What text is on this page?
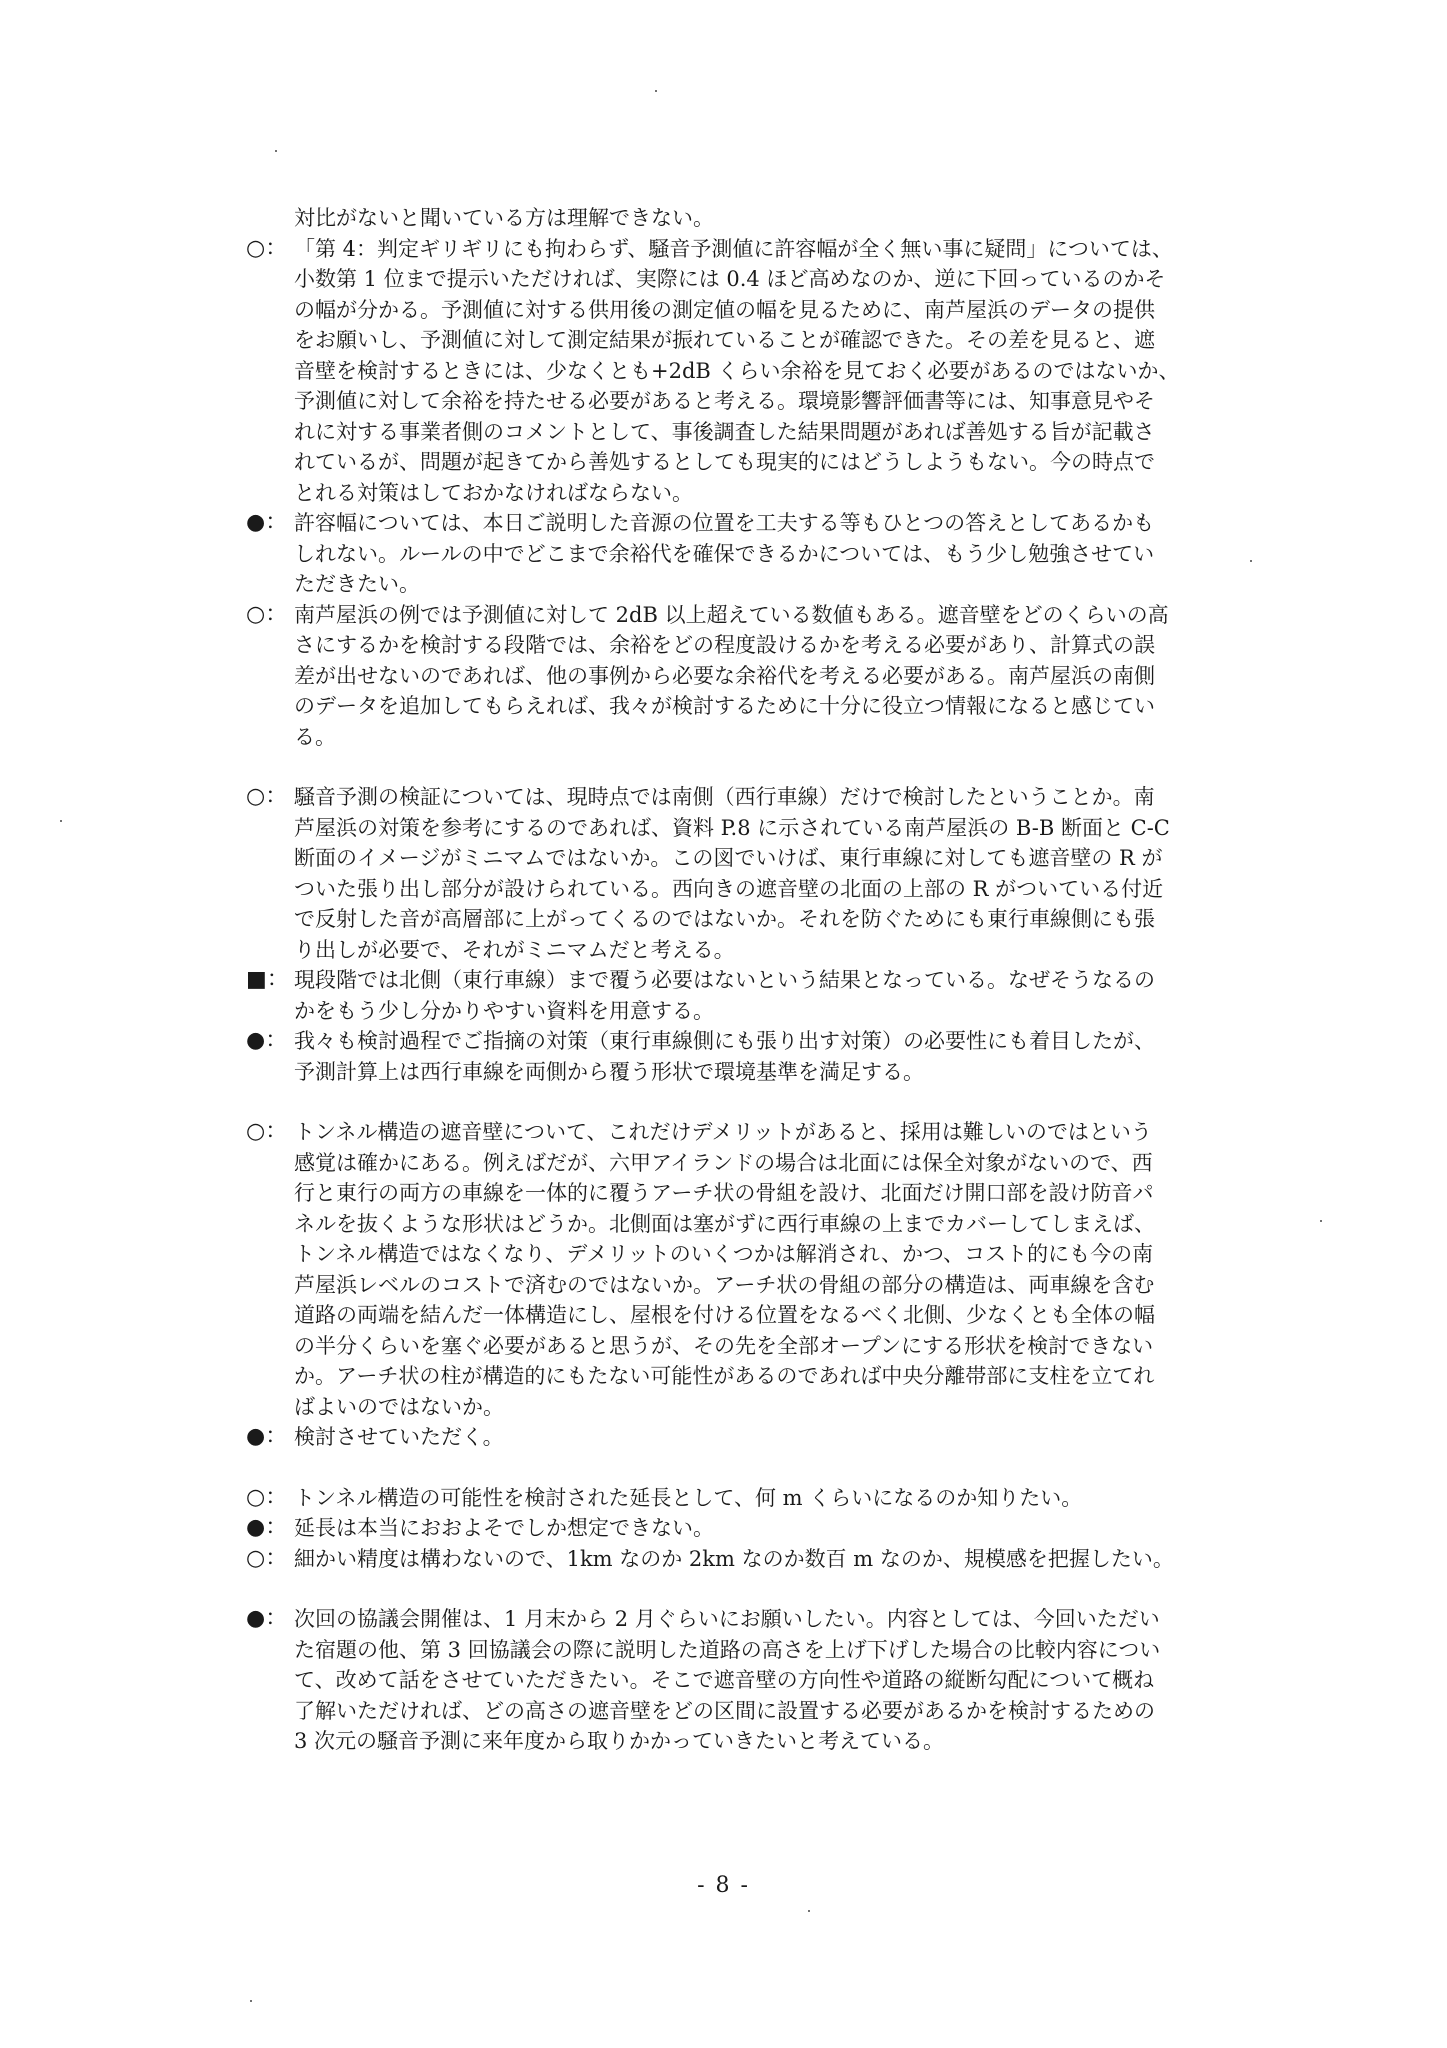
対比がないと聞いている方は理解できない。

○： 「第 4：判定ギリギリにも拘わらず、騒音予測値に許容幅が全く無い事に疑問」については、
小数第 1 位まで提示いただければ、実際には 0.4 ほど高めなのか、逆に下回っているのかそ
の幅が分かる。予測値に対する供用後の測定値の幅を見るために、南芦屋浜のデータの提供
をお願いし、予測値に対して測定結果が振れていることが確認できた。その差を見ると、遮
音壁を検討するときには、少なくとも+2dB くらい余裕を見ておく必要があるのではないか、
予測値に対して余裕を持たせる必要があると考える。環境影響評価書等には、知事意見やそ
れに対する事業者側のコメントとして、事後調査した結果問題があれば善処する旨が記載さ
れているが、問題が起きてから善処するとしても現実的にはどうしようもない。今の時点で
とれる対策はしておかなければならない。
●： 許容幅については、本日ご説明した音源の位置を工夫する等もひとつの答えとしてあるかも
しれない。ルールの中でどこまで余裕代を確保できるかについては、もう少し勉強させてい
ただきたい。
○： 南芦屋浜の例では予測値に対して 2dB 以上超えている数値もある。遮音壁をどのくらいの高
さにするかを検討する段階では、余裕をどの程度設けるかを考える必要があり、計算式の誤
差が出せないのであれば、他の事例から必要な余裕代を考える必要がある。南芦屋浜の南側
のデータを追加してもらえれば、我々が検討するために十分に役立つ情報になると感じてい
る。
○： 騒音予測の検証については、現時点では南側（西行車線）だけで検討したということか。南
芦屋浜の対策を参考にするのであれば、資料 P.8 に示されている南芦屋浜の B-B 断面と C-C
断面のイメージがミニマムではないか。この図でいけば、東行車線に対しても遮音壁の R が
ついた張り出し部分が設けられている。西向きの遮音壁の北面の上部の R がついている付近
で反射した音が高層部に上がってくるのではないか。それを防ぐためにも東行車線側にも張
り出しが必要で、それがミニマムだと考える。
■： 現段階では北側（東行車線）まで覆う必要はないという結果となっている。なぜそうなるの
かをもう少し分かりやすい資料を用意する。
●： 我々も検討過程でご指摘の対策（東行車線側にも張り出す対策）の必要性にも着目したが、
予測計算上は西行車線を両側から覆う形状で環境基準を満足する。
○： トンネル構造の遮音壁について、これだけデメリットがあると、採用は難しいのではという
感覚は確かにある。例えばだが、六甲アイランドの場合は北面には保全対象がないので、西
行と東行の両方の車線を一体的に覆うアーチ状の骨組を設け、北面だけ開口部を設け防音パ
ネルを抜くような形状はどうか。北側面は塞がずに西行車線の上までカバーしてしまえば、
トンネル構造ではなくなり、デメリットのいくつかは解消され、かつ、コスト的にも今の南
芦屋浜レベルのコストで済むのではないか。アーチ状の骨組の部分の構造は、両車線を含む
道路の両端を結んだ一体構造にし、屋根を付ける位置をなるべく北側、少なくとも全体の幅
の半分くらいを塞ぐ必要があると思うが、その先を全部オープンにする形状を検討できない
か。アーチ状の柱が構造的にもたない可能性があるのであれば中央分離帯部に支柱を立てれ
ばよいのではないか。
●： 検討させていただく。
○： トンネル構造の可能性を検討された延長として、何 m くらいになるのか知りたい。
●： 延長は本当におおよそでしか想定できない。
○： 細かい精度は構わないので、1km なのか 2km なのか数百 m なのか、規模感を把握したい。
●： 次回の協議会開催は、1 月末から 2 月ぐらいにお願いしたい。内容としては、今回いただい
た宿題の他、第 3 回協議会の際に説明した道路の高さを上げ下げした場合の比較内容につい
て、改めて話をさせていただきたい。そこで遮音壁の方向性や道路の縦断勾配について概ね
了解いただければ、どの高さの遮音壁をどの区間に設置する必要があるかを検討するための
3 次元の騒音予測に来年度から取りかかっていきたいと考えている。
- 8 -
